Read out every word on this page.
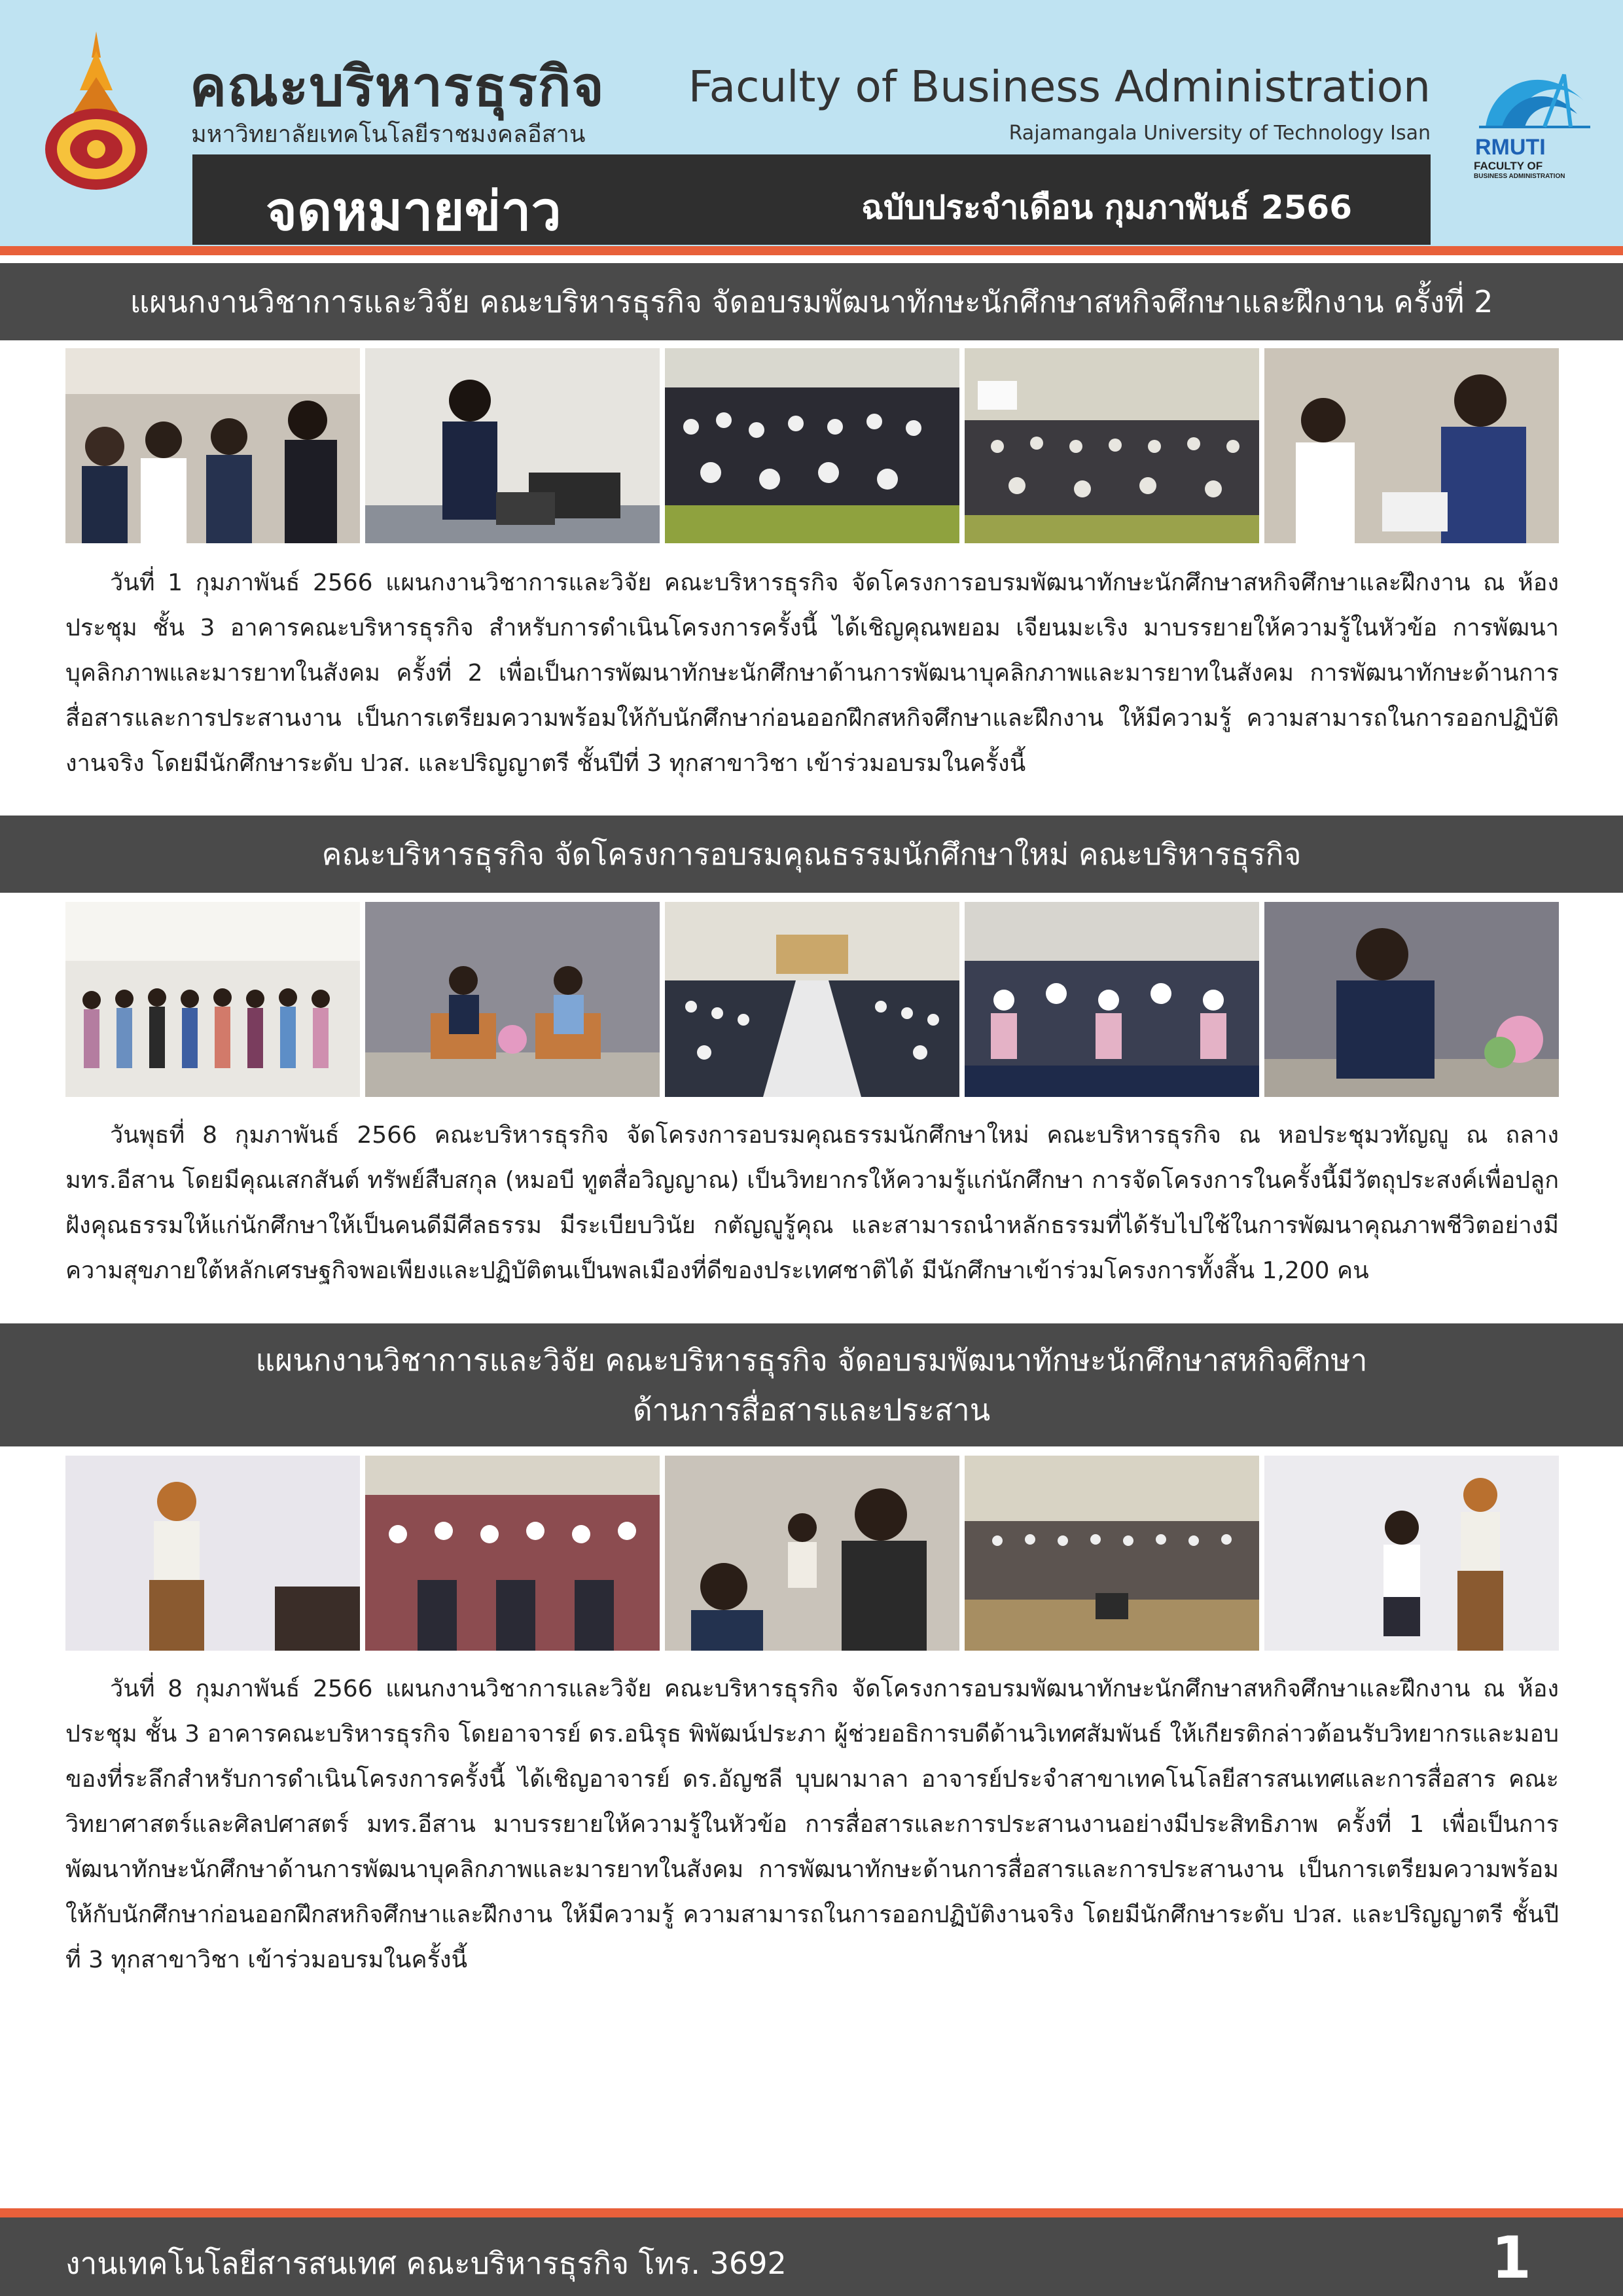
คณะบริหารธุรกิจ
มหาวิทยาลัยเทคโนโลยีราชมงคลอีสาน
Faculty of Business Administration
Rajamangala University of Technology Isan
RMUTI
FACULTY OF
BUSINESS ADMINISTRATION
จดหมายข่าว	ฉบับประจำเดือน กุมภาพันธ์ 2566
แผนกงานวิชาการและวิจัย คณะบริหารธุรกิจ จัดอบรมพัฒนาทักษะนักศึกษาสหกิจศึกษาและฝึกงาน ครั้งที่ 2
วันที่ 1 กุมภาพันธ์ 2566 แผนกงานวิชาการและวิจัย คณะบริหารธุรกิจ จัดโครงการอบรมพัฒนาทักษะนักศึกษาสหกิจศึกษาและฝึกงาน ณ ห้องประชุม ชั้น 3 อาคารคณะบริหารธุรกิจ สำหรับการดำเนินโครงการครั้งนี้ ได้เชิญคุณพยอม เจียนมะเริง มาบรรยายให้ความรู้ในหัวข้อ การพัฒนาบุคลิกภาพและมารยาทในสังคม ครั้งที่ 2 เพื่อเป็นการพัฒนาทักษะนักศึกษาด้านการพัฒนาบุคลิกภาพและมารยาทในสังคม การพัฒนาทักษะด้านการสื่อสารและการประสานงาน เป็นการเตรียมความพร้อมให้กับนักศึกษาก่อนออกฝึกสหกิจศึกษาและฝึกงาน ให้มีความรู้ ความสามารถในการออกปฏิบัติงานจริง โดยมีนักศึกษาระดับ ปวส. และปริญญาตรี ชั้นปีที่ 3 ทุกสาขาวิชา เข้าร่วมอบรมในครั้งนี้
คณะบริหารธุรกิจ จัดโครงการอบรมคุณธรรมนักศึกษาใหม่ คณะบริหารธุรกิจ
วันพุธที่ 8 กุมภาพันธ์ 2566 คณะบริหารธุรกิจ จัดโครงการอบรมคุณธรรมนักศึกษาใหม่ คณะบริหารธุรกิจ ณ หอประชุมวทัญญู ณ ถลาง มทร.อีสาน โดยมีคุณเสกสันต์ ทรัพย์สืบสกุล (หมอบี ทูตสื่อวิญญาณ) เป็นวิทยากรให้ความรู้แก่นักศึกษา การจัดโครงการในครั้งนี้มีวัตถุประสงค์เพื่อปลูกฝังคุณธรรมให้แก่นักศึกษาให้เป็นคนดีมีศีลธรรม มีระเบียบวินัย กตัญญูรู้คุณ และสามารถนำหลักธรรมที่ได้รับไปใช้ในการพัฒนาคุณภาพชีวิตอย่างมีความสุขภายใต้หลักเศรษฐกิจพอเพียงและปฏิบัติตนเป็นพลเมืองที่ดีของประเทศชาติได้ มีนักศึกษาเข้าร่วมโครงการทั้งสิ้น 1,200 คน
แผนกงานวิชาการและวิจัย คณะบริหารธุรกิจ จัดอบรมพัฒนาทักษะนักศึกษาสหกิจศึกษา
ด้านการสื่อสารและประสาน
วันที่ 8 กุมภาพันธ์ 2566 แผนกงานวิชาการและวิจัย คณะบริหารธุรกิจ จัดโครงการอบรมพัฒนาทักษะนักศึกษาสหกิจศึกษาและฝึกงาน ณ ห้องประชุม ชั้น 3 อาคารคณะบริหารธุรกิจ โดยอาจารย์ ดร.อนิรุธ พิพัฒน์ประภา ผู้ช่วยอธิการบดีด้านวิเทศสัมพันธ์ ให้เกียรติกล่าวต้อนรับวิทยากรและมอบของที่ระลึกสำหรับการดำเนินโครงการครั้งนี้ ได้เชิญอาจารย์ ดร.อัญชลี บุบผามาลา อาจารย์ประจำสาขาเทคโนโลยีสารสนเทศและการสื่อสาร คณะวิทยาศาสตร์และศิลปศาสตร์ มทร.อีสาน มาบรรยายให้ความรู้ในหัวข้อ การสื่อสารและการประสานงานอย่างมีประสิทธิภาพ ครั้งที่ 1 เพื่อเป็นการพัฒนาทักษะนักศึกษาด้านการพัฒนาบุคลิกภาพและมารยาทในสังคม การพัฒนาทักษะด้านการสื่อสารและการประสานงาน เป็นการเตรียมความพร้อมให้กับนักศึกษาก่อนออกฝึกสหกิจศึกษาและฝึกงาน ให้มีความรู้ ความสามารถในการออกปฏิบัติงานจริง โดยมีนักศึกษาระดับ ปวส. และปริญญาตรี ชั้นปีที่ 3 ทุกสาขาวิชา เข้าร่วมอบรมในครั้งนี้
งานเทคโนโลยีสารสนเทศ คณะบริหารธุรกิจ โทร. 3692	1
